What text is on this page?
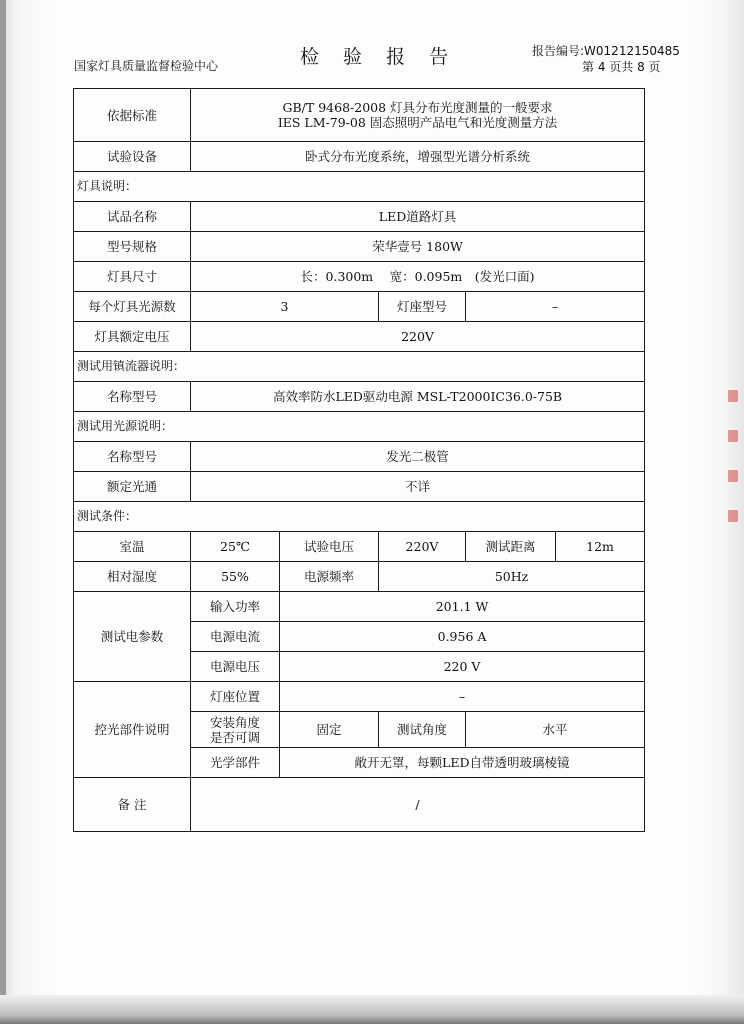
国家灯具质量监督检验中心	检 验 报 告	报告编号:W01212150485
第 4 页共 8 页
依据标准	GB/T 9468-2008 灯具分布光度测量的一般要求
IES LM-79-08 固态照明产品电气和光度测量方法				

试验设备	卧式分布光度系统，增强型光谱分析系统				
灯具说明：					
试品名称	LED道路灯具				
型号规格	荣华壹号 180W				
灯具尺寸	长：0.300m　 宽：0.095m　(发光口面)				
每个灯具光源数	3		灯座型号	–	
灯具额定电压	220V				
测试用镇流器说明：					
名称型号	高效率防水LED驱动电源 MSL-T2000IC36.0-75B				
测试用光源说明：					
名称型号	发光二极管				
额定光通	不详				
测试条件：					
室温	25℃	试验电压	220V	测试距离	12m
相对湿度	55%	电源频率	50Hz		
测试电参数	输入功率	201.1 W			
	电源电流	0.956 A			
	电源电压	220 V			
控光部件说明	灯座位置	–			

	安装角度
是否可调	固定	测试角度	水平	
	光学部件	敞开无罩，每颗LED自带透明玻璃棱镜			
备 注	/				
